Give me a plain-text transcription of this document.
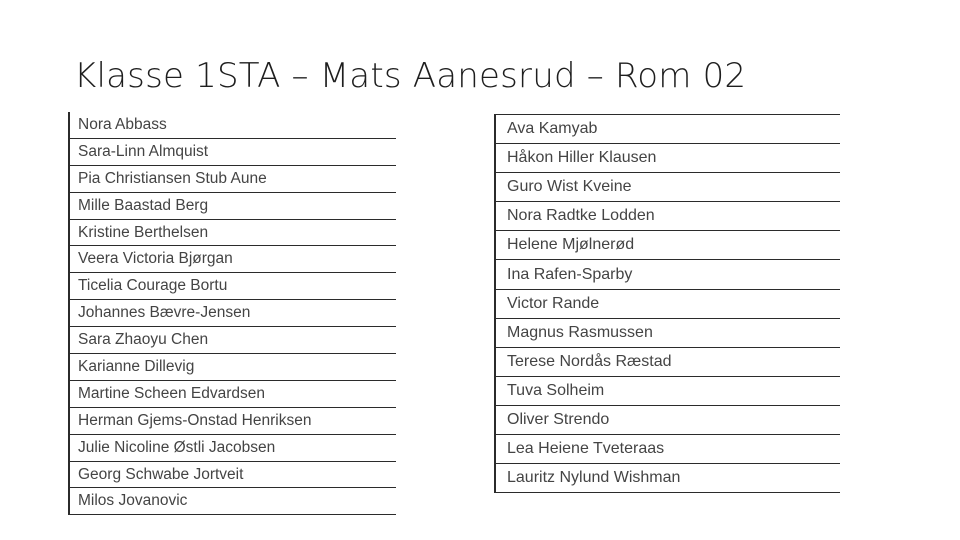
Klasse 1STA – Mats Aanesrud – Rom 02
Nora Abbass
Sara-Linn Almquist
Pia Christiansen Stub Aune
Mille Baastad Berg
Kristine Berthelsen
Veera Victoria Bjørgan
Ticelia Courage Bortu
Johannes Bævre-Jensen
Sara Zhaoyu Chen
Karianne Dillevig
Martine Scheen Edvardsen
Herman Gjems-Onstad Henriksen
Julie Nicoline Østli Jacobsen
Georg Schwabe Jortveit
Milos Jovanovic
Ava Kamyab
Håkon Hiller Klausen
Guro Wist Kveine
Nora Radtke Lodden
Helene Mjølnerød
Ina Rafen-Sparby
Victor Rande
Magnus Rasmussen
Terese Nordås Ræstad
Tuva Solheim
Oliver Strendo
Lea Heiene Tveteraas
Lauritz Nylund Wishman
